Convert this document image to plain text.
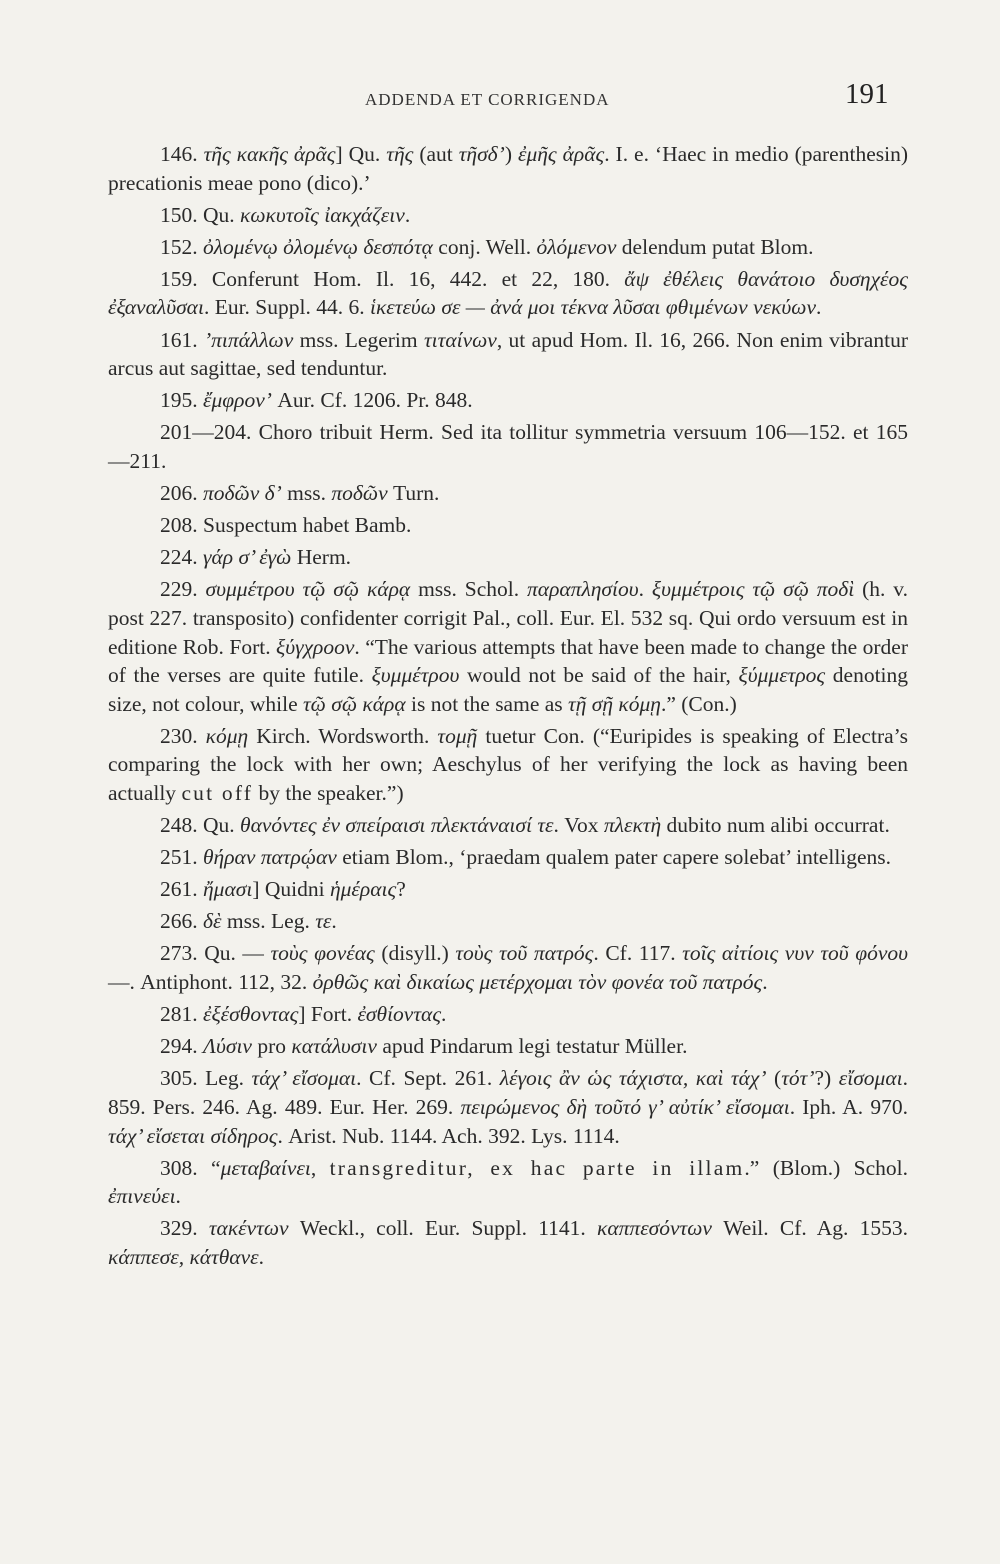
ADDENDA ET CORRIGENDA	191

146. τῆς κακῆς ἀρᾶς] Qu. τῆς (aut τῆσδ’) ἐμῆς ἀρᾶς. I. e. ‘Haec in medio (parenthesin) precationis meae pono (dico).’

150. Qu. κωκυτοῖς ἰακχάζειν.

152. ὀλομένῳ ὀλομένῳ δεσπότᾳ conj. Well. ὀλόμενον delendum putat Blom.

159. Conferunt Hom. Il. 16, 442. et 22, 180. ἄψ ἐθέλεις θανάτοιο δυσηχέος ἐξαναλῦσαι. Eur. Suppl. 44. 6. ἱκετεύω σε — ἀνά μοι τέκνα λῦσαι φθιμένων νεκύων.

161. ’πιπάλλων mss. Legerim τιταίνων, ut apud Hom. Il. 16, 266. Non enim vibrantur arcus aut sagittae, sed tenduntur.

195. ἔμφρον’ Aur. Cf. 1206. Pr. 848.

201—204. Choro tribuit Herm. Sed ita tollitur symmetria versuum 106—152. et 165—211.

206. ποδῶν δ’ mss. ποδῶν Turn.

208. Suspectum habet Bamb.

224. γάρ σ’ ἐγὼ Herm.

229. συμμέτρου τῷ σῷ κάρᾳ mss. Schol. παραπλησίου. ξυμμέτροις τῷ σῷ ποδὶ (h. v. post 227. transposito) confidenter corrigit Pal., coll. Eur. El. 532 sq. Qui ordo versuum est in editione Rob. Fort. ξύγχροον. “The various attempts that have been made to change the order of the verses are quite futile. ξυμμέτρου would not be said of the hair, ξύμμετρος denoting size, not colour, while τῷ σῷ κάρᾳ is not the same as τῇ σῇ κόμῃ.” (Con.)

230. κόμῃ Kirch. Wordsworth. τομῇ tuetur Con. (“Euripides is speaking of Electra’s comparing the lock with her own; Aeschylus of her verifying the lock as having been actually cut off by the speaker.”)

248. Qu. θανόντες ἐν σπείραισι πλεκτάναισί τε. Vox πλεκτὴ dubito num alibi occurrat.

251. θήραν πατρῴαν etiam Blom., ‘praedam qualem pater capere solebat’ intelligens.

261. ἤμασι] Quidni ἡμέραις?

266. δὲ mss. Leg. τε.

273. Qu. — τοὺς φονέας (disyll.) τοὺς τοῦ πατρός. Cf. 117. τοῖς αἰτίοις νυν τοῦ φόνου —. Antiphont. 112, 32. ὀρθῶς καὶ δικαίως μετέρχομαι τὸν φονέα τοῦ πατρός.

281. ἐξέσθοντας] Fort. ἐσθίοντας.

294. Λύσιν pro κατάλυσιν apud Pindarum legi testatur Müller.

305. Leg. τάχ’ εἴσομαι. Cf. Sept. 261. λέγοις ἂν ὡς τάχιστα, καὶ τάχ’ (τότ’?) εἴσομαι. 859. Pers. 246. Ag. 489. Eur. Her. 269. πειρώμενος δὴ τοῦτό γ’ αὐτίκ’ εἴσομαι. Iph. A. 970. τάχ’ εἴσεται σίδηρος. Arist. Nub. 1144. Ach. 392. Lys. 1114.

308. “μεταβαίνει, transgreditur, ex hac parte in illam.” (Blom.) Schol. ἐπινεύει.

329. τακέντων Weckl., coll. Eur. Suppl. 1141. καππεσόντων Weil. Cf. Ag. 1553. κάππεσε, κάτθανε.
